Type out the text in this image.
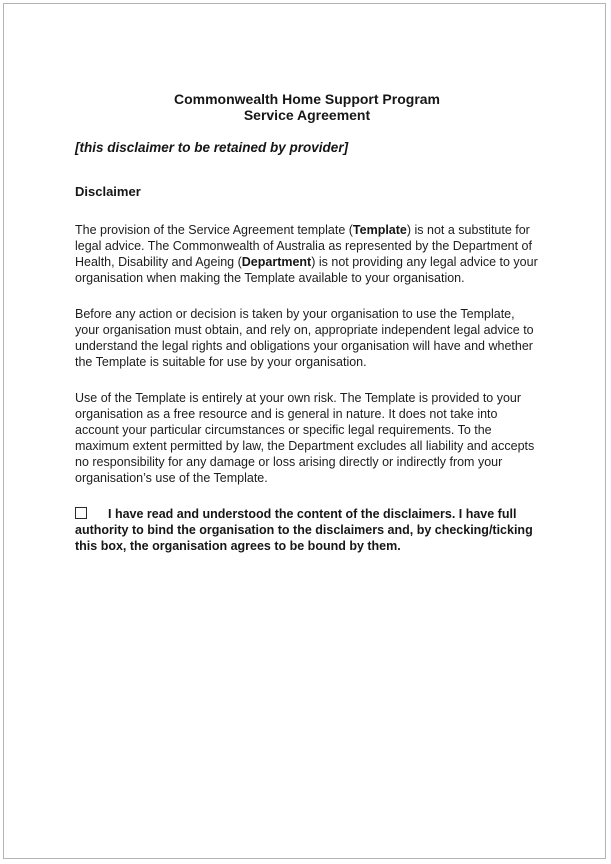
Commonwealth Home Support Program
Service Agreement
[this disclaimer to be retained by provider]
Disclaimer

The provision of the Service Agreement template (Template) is not a substitute for legal advice. The Commonwealth of Australia as represented by the Department of Health, Disability and Ageing (Department) is not providing any legal advice to your organisation when making the Template available to your organisation.

Before any action or decision is taken by your organisation to use the Template, your organisation must obtain, and rely on, appropriate independent legal advice to understand the legal rights and obligations your organisation will have and whether the Template is suitable for use by your organisation.

Use of the Template is entirely at your own risk. The Template is provided to your organisation as a free resource and is general in nature. It does not take into account your particular circumstances or specific legal requirements. To the maximum extent permitted by law, the Department excludes all liability and accepts no responsibility for any damage or loss arising directly or indirectly from your organisation’s use of the Template.

I have read and understood the content of the disclaimers. I have full authority to bind the organisation to the disclaimers and, by checking/ticking this box, the organisation agrees to be bound by them.
